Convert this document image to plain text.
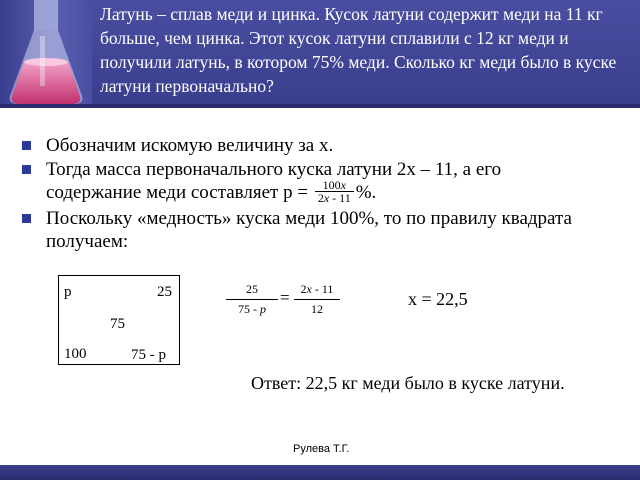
Латунь – сплав меди и цинка. Кусок латуни содержит меди на 11 кг больше, чем цинка. Этот кусок латуни сплавили с 12 кг меди и получили латунь, в котором 75% меди. Сколько кг меди было в куске латуни первоначально?
Обозначим искомую величину за х.
Тогда масса первоначального куска латуни 2х – 11, а его
содержание меди составляет $р = \frac{100x}{2x - 11}$ %.
Поскольку «медность» куска меди 100%, то по правилу квадрата получаем:
р	25
75
100	75 - р
25
75 - p
= 2x - 11
12	х = 22,5
Ответ: 22,5 кг меди было в куске латуни.
Рулева Т.Г.
